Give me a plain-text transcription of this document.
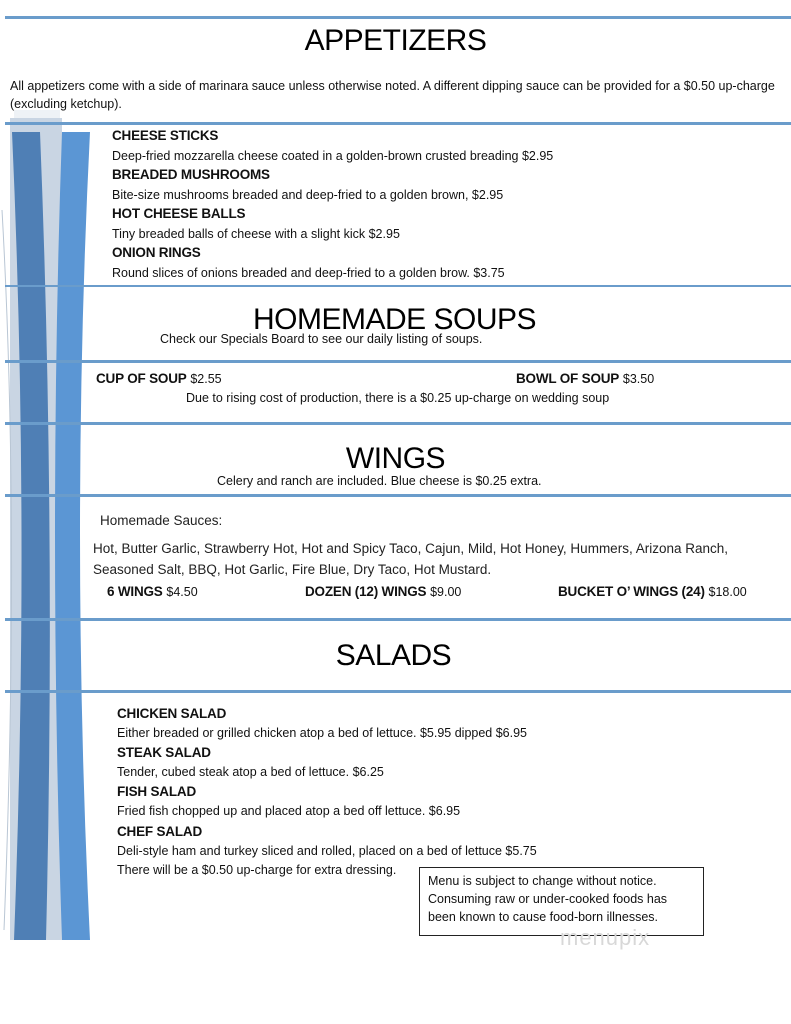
APPETIZERS
All appetizers come with a side of marinara sauce unless otherwise noted. A different dipping sauce can be provided for a $0.50 up-charge (excluding ketchup).
CHEESE STICKS
Deep-fried mozzarella cheese coated in a golden-brown crusted breading $2.95
BREADED MUSHROOMS
Bite-size mushrooms breaded and deep-fried to a golden brown, $2.95
HOT CHEESE BALLS
Tiny breaded balls of cheese with a slight kick $2.95
ONION RINGS
Round slices of onions breaded and deep-fried to a golden brow. $3.75
HOMEMADE SOUPS
Check our Specials Board to see our daily listing of soups.
CUP OF SOUP $2.55	BOWL OF SOUP $3.50
Due to rising cost of production, there is a $0.25 up-charge on wedding soup
WINGS
Celery and ranch are included. Blue cheese is $0.25 extra.
Homemade Sauces:
Hot, Butter Garlic, Strawberry Hot, Hot and Spicy Taco, Cajun, Mild, Hot Honey, Hummers, Arizona Ranch, Seasoned Salt, BBQ, Hot Garlic, Fire Blue, Dry Taco, Hot Mustard.
6 WINGS $4.50	DOZEN (12) WINGS $9.00	BUCKET O’ WINGS (24) $18.00
SALADS
CHICKEN SALAD
Either breaded or grilled chicken atop a bed of lettuce. $5.95 dipped $6.95
STEAK SALAD
Tender, cubed steak atop a bed of lettuce. $6.25
FISH SALAD
Fried fish chopped up and placed atop a bed off lettuce. $6.95
CHEF SALAD
Deli-style ham and turkey sliced and rolled, placed on a bed of lettuce $5.75
There will be a $0.50 up-charge for extra dressing.
Menu is subject to change without notice. Consuming raw or under-cooked foods has been known to cause food-born illnesses.
menupix
